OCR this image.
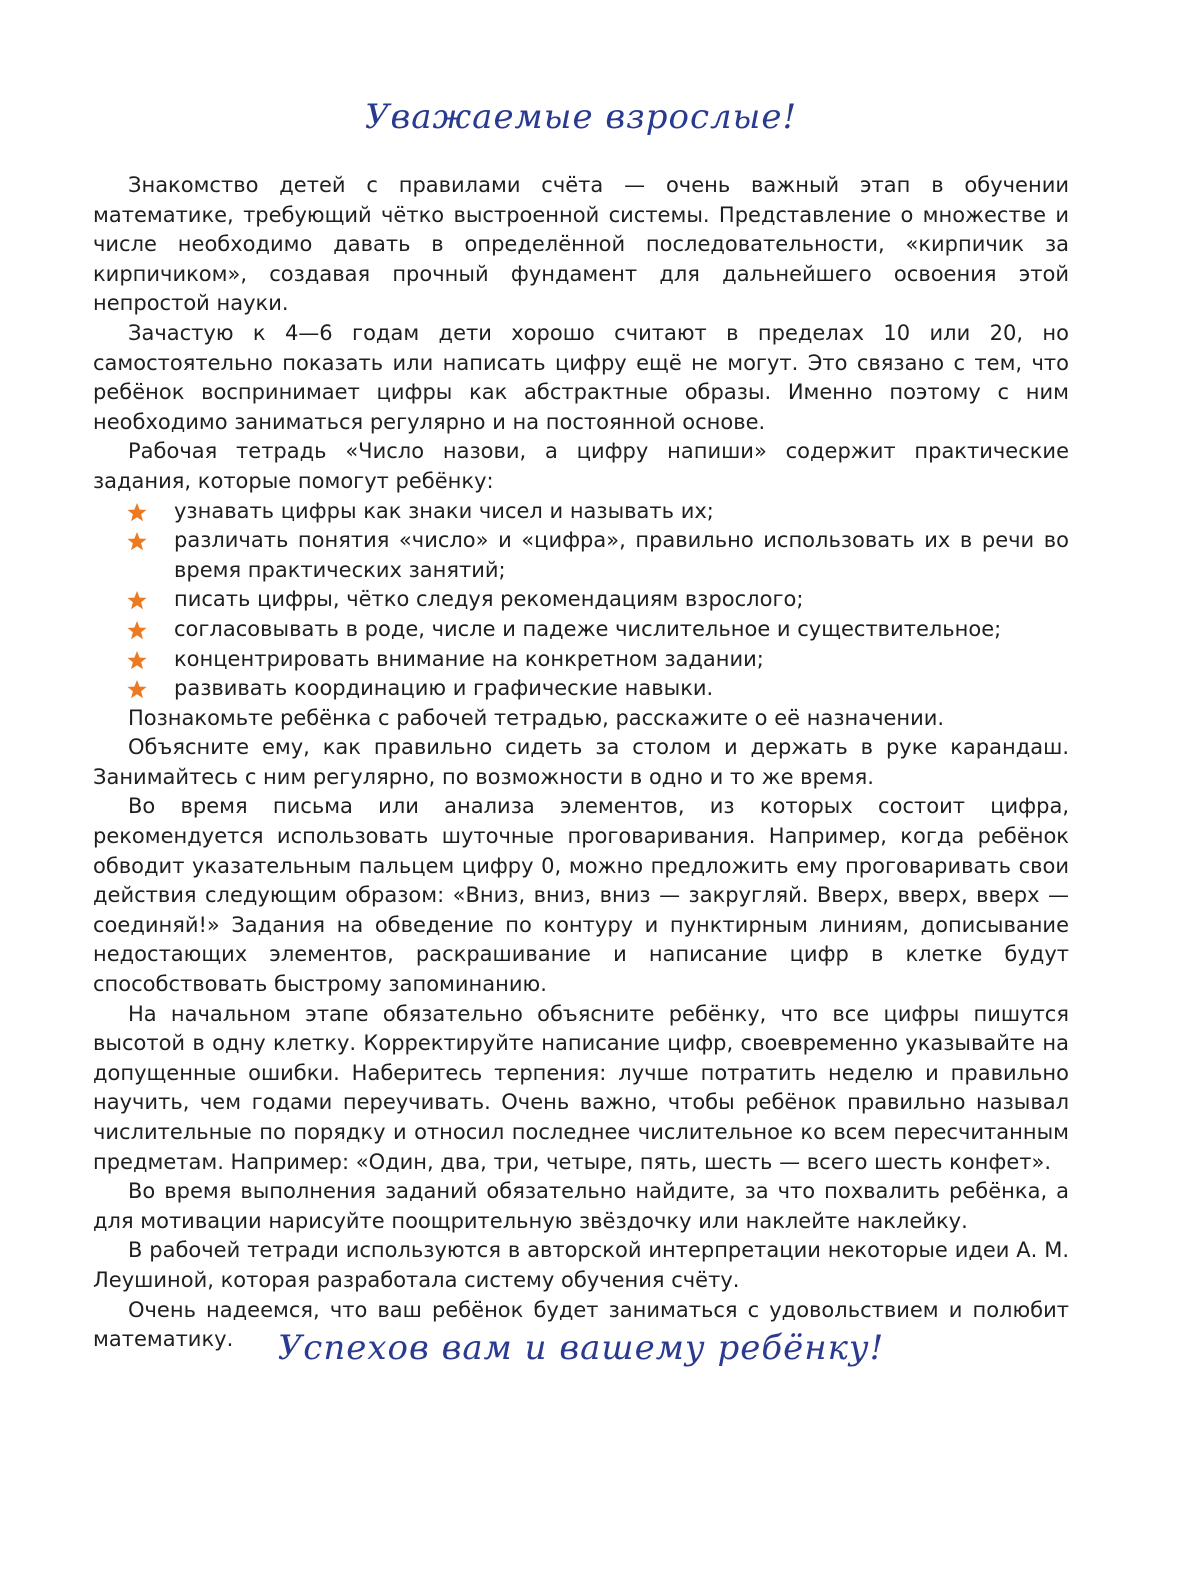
Уважаемые взрослые!

Знакомство детей с правилами счёта — очень важный этап в обучении математике, требующий чётко выстроенной системы. Представление о множестве и числе необходимо давать в определённой последовательности, «кирпичик за кирпичиком», создавая прочный фундамент для дальнейшего освоения этой непростой науки.

Зачастую к 4—6 годам дети хорошо считают в пределах 10 или 20, но самостоятельно показать или написать цифру ещё не могут. Это связано с тем, что ребёнок воспринимает цифры как абстрактные образы. Именно поэтому с ним необходимо заниматься регулярно и на постоянной основе.

Рабочая тетрадь «Число назови, а цифру напиши» содержит практические задания, которые помогут ребёнку:

узнавать цифры как знаки чисел и называть их;
различать понятия «число» и «цифра», правильно использовать их в речи во время практических занятий;
писать цифры, чётко следуя рекомендациям взрослого;
согласовывать в роде, числе и падеже числительное и существительное;
концентрировать внимание на конкретном задании;
развивать координацию и графические навыки.

Познакомьте ребёнка с рабочей тетрадью, расскажите о её назначении.

Объясните ему, как правильно сидеть за столом и держать в руке карандаш. Занимайтесь с ним регулярно, по возможности в одно и то же время.

Во время письма или анализа элементов, из которых состоит цифра, рекомендуется использовать шуточные проговаривания. Например, когда ребёнок обводит указательным пальцем цифру 0, можно предложить ему проговаривать свои действия следующим образом: «Вниз, вниз, вниз — закругляй. Вверх, вверх, вверх — соединяй!» Задания на обведение по контуру и пунктирным линиям, дописывание недостающих элементов, раскрашивание и написание цифр в клетке будут способствовать быстрому запоминанию.

На начальном этапе обязательно объясните ребёнку, что все цифры пишутся высотой в одну клетку. Корректируйте написание цифр, своевременно указывайте на допущенные ошибки. Наберитесь терпения: лучше потратить неделю и правильно научить, чем годами переучивать. Очень важно, чтобы ребёнок правильно называл числительные по порядку и относил последнее числительное ко всем пересчитанным предметам. Например: «Один, два, три, четыре, пять, шесть — всего шесть конфет».

Во время выполнения заданий обязательно найдите, за что похвалить ребёнка, а для мотивации нарисуйте поощрительную звёздочку или наклейте наклейку.

В рабочей тетради используются в авторской интерпретации некоторые идеи А. М. Леушиной, которая разработала систему обучения счёту.

Очень надеемся, что ваш ребёнок будет заниматься с удовольствием и полюбит математику.	Успехов вам и вашему ребёнку!
